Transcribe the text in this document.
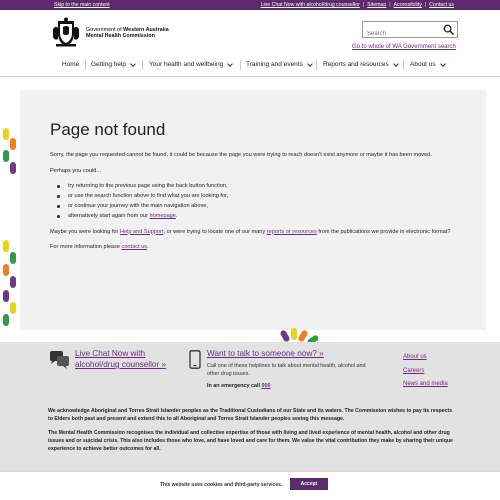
Skip to the main content	Live Chat Now with alcohol/drug counsellor | Sitemap | Accessibility | Contact us
Government of Western Australia
Mental Health Commission
Search
Go to whole of WA Government search
Home Getting help	Your health and wellbeing	Training and events	Reports and resources	About us
Page not found

Sorry, the page you requested cannot be found, it could be because the page you were trying to reach doesn't exist anymore or maybe it has been moved.

Perhaps you could...

try returning to the previous page using the back button function,
or use the search function above to find what you are looking for,
or continue your journey with the main navigation above,
alternatively start again from our homepage.

Maybe you were looking for Help and Support, or were trying to locate one of our many reports or resources from the publications we provide in electronic format?

For more information please contact us.

Live Chat Now with
alcohol/drug counsellor »
Want to talk to someone now? »
Call one of these helplines to talk about mental health, alcohol and other drug issues.
In an emergency call 000
About us
Careers
News and media

We acknowledge Aboriginal and Torres Strait Islander peoples as the Traditional Custodians of our State and its waters. The Commission wishes to pay its respects to Elders both past and present and extend this to all Aboriginal and Torres Strait Islander peoples seeing this message.

The Mental Health Commission recognises the individual and collective expertise of those with living and lived experience of mental health, alcohol and other drug issues and or suicidal crisis. This also includes those who love, and have loved and care for them. We value the vital contribution they make by sharing their unique experience to achieve better outcomes for all.

This website uses cookies and third-party services.	Accept
